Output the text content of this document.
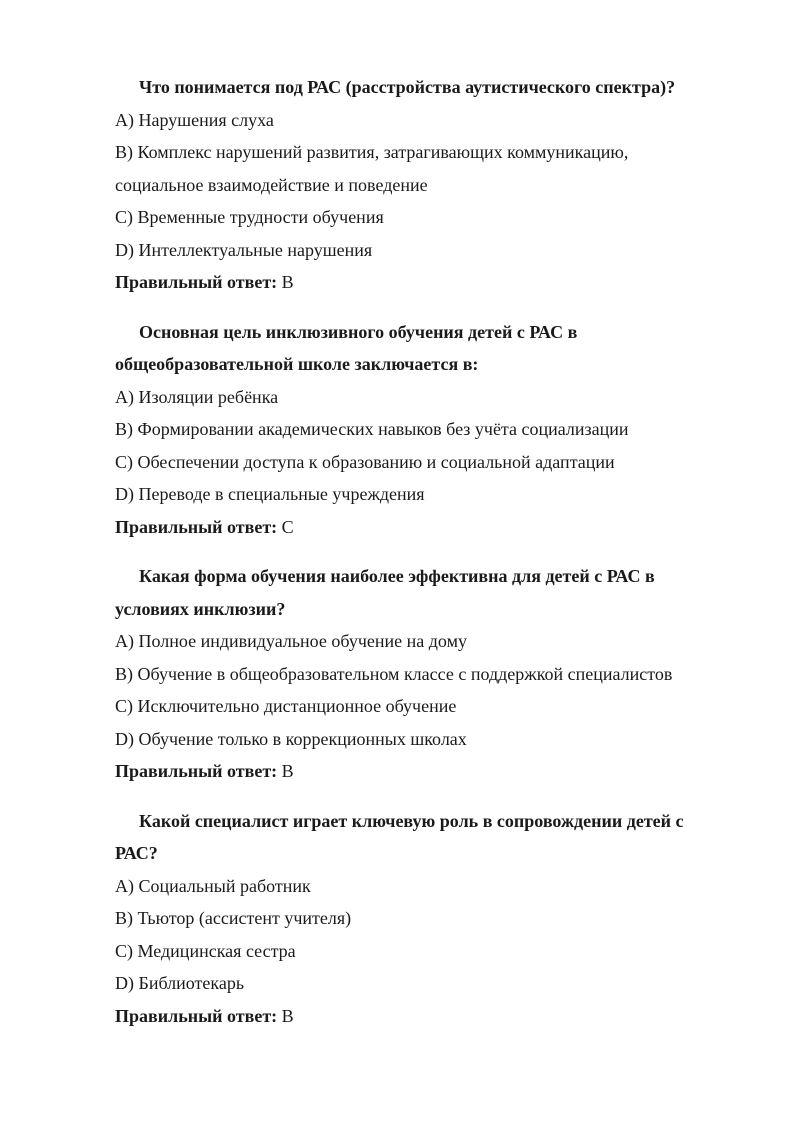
Что понимается под РАС (расстройства аутистического спектра)?

A) Нарушения слуха

B) Комплекс нарушений развития, затрагивающих коммуникацию,

социальное взаимодействие и поведение

C) Временные трудности обучения

D) Интеллектуальные нарушения

Правильный ответ: B

Основная цель инклюзивного обучения детей с РАС в

общеобразовательной школе заключается в:

A) Изоляции ребёнка

B) Формировании академических навыков без учёта социализации

C) Обеспечении доступа к образованию и социальной адаптации

D) Переводе в специальные учреждения

Правильный ответ: C

Какая форма обучения наиболее эффективна для детей с РАС в

условиях инклюзии?

A) Полное индивидуальное обучение на дому

B) Обучение в общеобразовательном классе с поддержкой специалистов

C) Исключительно дистанционное обучение

D) Обучение только в коррекционных школах

Правильный ответ: B

Какой специалист играет ключевую роль в сопровождении детей с

РАС?

A) Социальный работник

B) Тьютор (ассистент учителя)

C) Медицинская сестра

D) Библиотекарь

Правильный ответ: B
